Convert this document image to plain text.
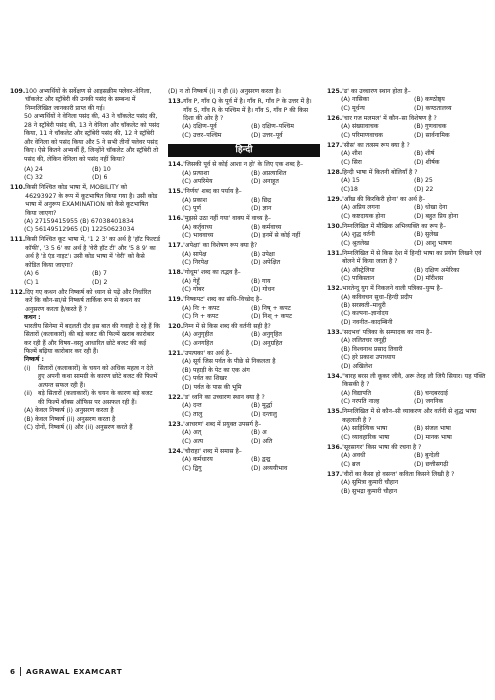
109. 100 अभ्यर्थियों के सर्वेक्षण से आइसक्रीम फ्लेवर–वेनिला, चॉकलेट और स्ट्रॉबेरी की उनकी पसंद के सम्बन्ध में निम्नलिखित जानकारी प्राप्त की गई।
50 अभ्यर्थियों ने वेनिला पसंद की, 43 ने चॉकलेट पसंद की, 28 ने स्ट्रॉबेरी पसंद की, 13 ने वेनिला और चॉकलेट को पसंद किया, 11 ने चॉकलेट और स्ट्रॉबेरी पसंद की, 12 ने स्ट्रॉबेरी और वेनिला को पसंद किया और 5 ने सभी तीनों फ्लेवर पसंद किए। ऐसे कितने अभ्यर्थी हैं, जिन्होंने चॉकलेट और स्ट्रॉबेरी तो पसंद की, लेकिन वेनिला को पसंद नहीं किया?
(A) 24	(B) 10
(C) 32	(D) 6
110. किसी निश्चित कोड भाषा में, MOBILITY को 46293927 के रूप में कूटभाषित किया गया है। उसी कोड भाषा में अनुरूप EXAMINATION को कैसे कूटभाषित किया जाएगा?
(A) 27159415955 (B) 67038401834
(C) 56149512965 (D) 12250623034
111. किसी निश्चित कूट भाषा में, '1 2 3' का अर्थ है 'हॉट फिल्टर्ड कॉफी', '3 5 6' का अर्थ है 'वेरी हॉट टी' और '5 8 9' का अर्थ है 'डे एंड नाइट'। उसी कोड भाषा में 'वेरी' को कैसे कोडित किया जाएगा?
(A) 6	(B) 7
(C) 1	(D) 2
112. दिए गए कथन और निष्कर्ष को ध्यान से पढ़ें और निर्धारित करें कि कौन-सा/से निष्कर्ष तार्किक रूप से कथन का अनुसरण करता है/करते हैं ?
कथन :
भारतीय सिनेमा में बदलती दौर इस बात की गवाही दे रहे हैं कि सितारों (कलाकारों) की बड़े बजट की फिल्में खराब कारोबार कर रही हैं और विषय–वस्तु आधारित छोटे बजट की कई फिल्में बढ़िया कारोबार कर रही हैं।
निष्कर्ष :
(i)	सितारों (कलाकारों) के चयन को अधिक महत्व न देते हुए अपनी कथा सामग्री के कारण छोटे बजट की फिल्में अत्यन्त सफल रही हैं।
(ii) बड़े सितारों (कलाकारों) के चयन के कारण बड़े बजट की फिल्में बॉक्स ऑफिस पर असफल रही हैं।
(A) केवल निष्कर्ष (i) अनुसरण करता है
(B) केवल निष्कर्ष (ii) अनुसरण करता है
(C) दोनों, निष्कर्ष (i) और (ii) अनुसरण करते हैं
(D) न तो निष्कर्ष (i) न ही (ii) अनुसरण करता है।
113. गाँव P, गाँव Q के पूर्व में है। गाँव R, गाँव P के उत्तर में है। गाँव S, गाँव R के पश्चिम में है। गाँव S, गाँव P की किस दिशा की ओर है ?
(A) दक्षिण–पूर्व	(B) दक्षिण–पश्चिम
(C) उत्तर–पश्चिम	(D) उत्तर–पूर्व
हिन्दी
114. 'जिसकी पूर्व से कोई आशा न हो' के लिए एक शब्द है–
(A) प्रत्याशा	(B) अप्रत्याशित
(C) अपरिमेय	(D) अनाहूत
115. 'निर्णय' शब्द का पर्याय है–
(A) प्रकाश	(B) छिद्र
(C) पूर्ण	(D) ज्ञान
116. 'मुझसे उठा नहीं गया' वाक्य में वाच्य है–
(A) कर्तृवाच्य	(B) कर्मवाच्य
(C) भाववाच्य	(D) इनमें से कोई नहीं
117. 'अपेक्षा' का विशेषण रूप क्या है?
(A) सापेक्ष	(B) उपेक्षा
(C) निरपेक्ष	(D) अपेक्षित
118. 'गोधूम' शब्द का तद्भव है–
(A) गेहूँ	(B) गाय
(C) गोबर	(D) गोधन
119. 'निष्कपट' शब्द का संधि–विच्छेद है–
(A) निः + कपट	(B) निष् + कपट
(C) नि + कपट	(D) निश् + कपट
120. निम्न में से किस शब्द की वर्तनी सही है?
(A) अनुगृहीत	(B) अनुगृहित
(C) अनगहित	(D) अनुग्रहित
121. 'उपत्यका' का अर्थ है–
(A) सूर्य जिस पर्वत के पीछे से निकलता है
(B) पहाड़ी के पेट का एक अंग
(C) पर्वत का शिखर
(D) पर्वत के पास की भूमि
122. 'ड' ध्वनि का उच्चारण स्थान क्या है ?
(A) दन्त	(B) मूर्द्धा
(C) तालु	(D) दन्तालु
123. 'आचरण' शब्द में प्रयुक्त उपसर्ग है–
(A) अत्	(B) अ
(C) अत्य	(D) अति
124. 'चौराहा' शब्द में समास है–
(A) कर्मधारय	(B) द्वन्द्व
(C) द्विगु	(D) अव्ययीभाव
125. 'ढ' का उच्चारण स्थान होता है–
(A) नासिका	(B) कण्ठोष्ठ्य
(C) मूर्धन्य	(D) कण्ठतालव्य
126. 'चार गज मलमल' में कौन–सा विशेषण है ?
(A) संख्यावाचक	(B) गुणवाचक
(C) परिमाणवाचक	(D) सार्वनामिक
127. 'सीस' का तत्सम रूप क्या है ?
(A) शीश	(B) शीर्ष
(C) सिरा	(D) शीर्षक
128. हिन्दी भाषा में कितनी बोलियाँ है ?
(A) 15	(B) 25
(C)18	(D) 22
129. 'आँख की किरकिरी होना' का अर्थ है–
(A) अप्रिय लगना	(B) धोखा देना
(C) कष्टदायक होना	(D) बहुत प्रिय होना
130. निम्नलिखित में मौखिक अभिव्यक्ति का रूप है–
(A) शुद्ध वर्तनी	(B) सुलेख
(C) श्रुतलेख	(D) आशु भाषण
131. निम्नलिखित में से किस देश में हिन्दी भाषा का प्रयोग लिखने एवं बोलने में किया जाता है ?
(A) ऑस्ट्रेलिया	(B) दक्षिण अमेरिका
(C) पाकिस्तान	(D) मॉरीशस
132. भारतेन्दु युग में निकलने वाली पत्रिका–युग्म है–
(A) कविवचन सुधा–हिन्दी प्रदीप
(B) सरस्वती–माधुरी
(C) कल्पना–ज्ञानोदय
(D) नवनीत–कादम्बिनी
133. 'सदभव' पत्रिका के सम्पादक का नाम है–
(A) ललितचर जनूद्दी
(B) विश्वनाथ प्रसाद तिवारी
(C) हरे प्रकाश उपाध्याय
(D) अखिलेश
134. "बारह बरस ली कूकर जीवै, अरू तेरह लौ जियै सियार। यह पंक्ति किसकी है ?
(A) विद्यापति	(B) चन्दबरदाई
(C) नरपति नाल्ह	(D) जगनिक
135. निम्नलिखित में से कौन–सी व्याकरण और वर्तनी से शुद्ध भाषा कहलाती है ?
(A) साहित्यिक भाषा	(B) संजल भाषा
(C) व्यावहारिक भाषा	(D) मानक भाषा
136. 'सूरसागर' किस भाषा की रचना है ?
(A) अवधी	(B) बुन्देली
(C) ब्रज	(D) छत्तीसगढ़ी
137. 'वीरों का कैसा हो वसन्त' कविता किसने लिखी है ?
(A) सुमित्रा कुमारी चौहान
(B) सुभद्रा कुमारी चौहान
6 AGRAWAL EXAMCART
